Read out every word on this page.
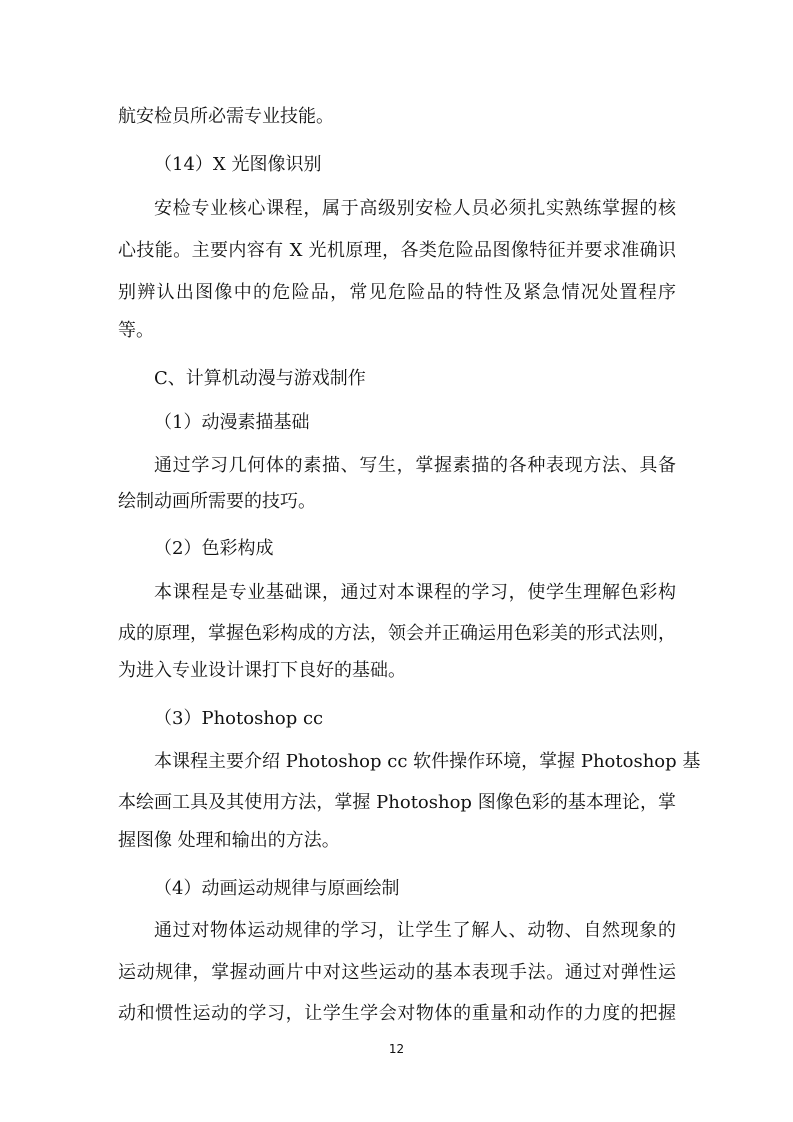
航安检员所必需专业技能。
（14）X 光图像识别
安检专业核心课程，属于高级别安检人员必须扎实熟练掌握的核
心技能。主要内容有 X 光机原理，各类危险品图像特征并要求准确识
别辨认出图像中的危险品，常见危险品的特性及紧急情况处置程序
等。
C、计算机动漫与游戏制作
（1）动漫素描基础
通过学习几何体的素描、写生，掌握素描的各种表现方法、具备
绘制动画所需要的技巧。
（2）色彩构成
本课程是专业基础课，通过对本课程的学习，使学生理解色彩构
成的原理，掌握色彩构成的方法，领会并正确运用色彩美的形式法则，
为进入专业设计课打下良好的基础。
（3）Photoshop cc
本课程主要介绍 Photoshop cc 软件操作环境，掌握 Photoshop 基
本绘画工具及其使用方法，掌握 Photoshop 图像色彩的基本理论，掌
握图像 处理和输出的方法。
（4）动画运动规律与原画绘制
通过对物体运动规律的学习，让学生了解人、动物、自然现象的
运动规律，掌握动画片中对这些运动的基本表现手法。通过对弹性运
动和惯性运动的学习，让学生学会对物体的重量和动作的力度的把握
12
